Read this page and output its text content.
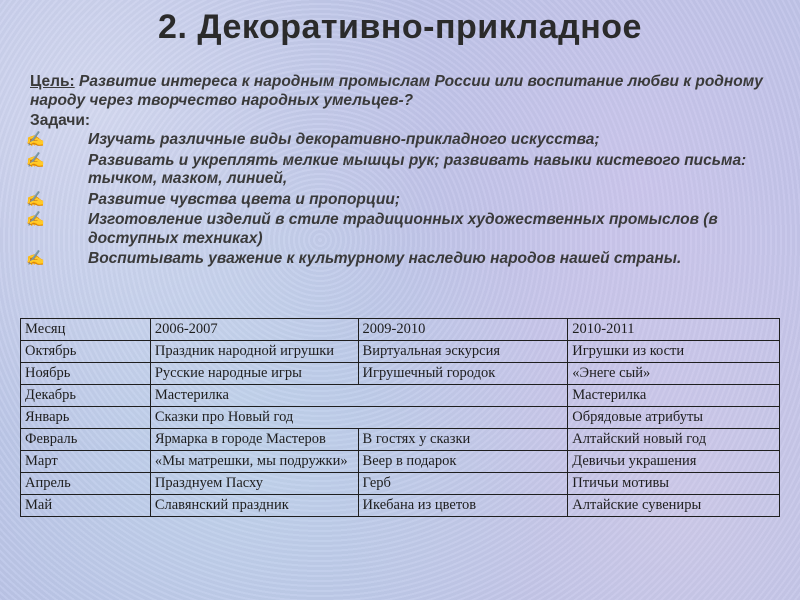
2. Декоративно-прикладное
Цель: Развитие интереса к народным промыслам России или воспитание любви к родному народу через творчество народных умельцев-?
Задачи:
✍	Изучать различные виды декоративно-прикладного искусства;
✍	Развивать и укреплять мелкие мышцы рук; развивать навыки кистевого письма: тычком, мазком, линией,
✍	Развитие чувства цвета и пропорции;
✍	Изготовление изделий в стиле традиционных художественных промыслов (в доступных техниках)
✍	Воспитывать уважение к культурному наследию народов нашей страны.
Месяц	2006-2007	2009-2010	2010-2011
Октябрь	Праздник народной игрушки	Виртуальная эскурсия	Игрушки из кости
Ноябрь	Русские народные игры	Игрушечный городок	«Энеге сый»
Декабрь	Мастерилка		Мастерилка
Январь	Сказки про Новый год		Обрядовые атрибуты
Февраль	Ярмарка в городе Мастеров	В гостях у сказки	Алтайский новый год
Март	«Мы матрешки, мы подружки»	Веер в подарок	Девичьи украшения
Апрель	Празднуем Пасху	Герб	Птичьи мотивы
Май	Славянский праздник	Икебана из цветов	Алтайские сувениры
